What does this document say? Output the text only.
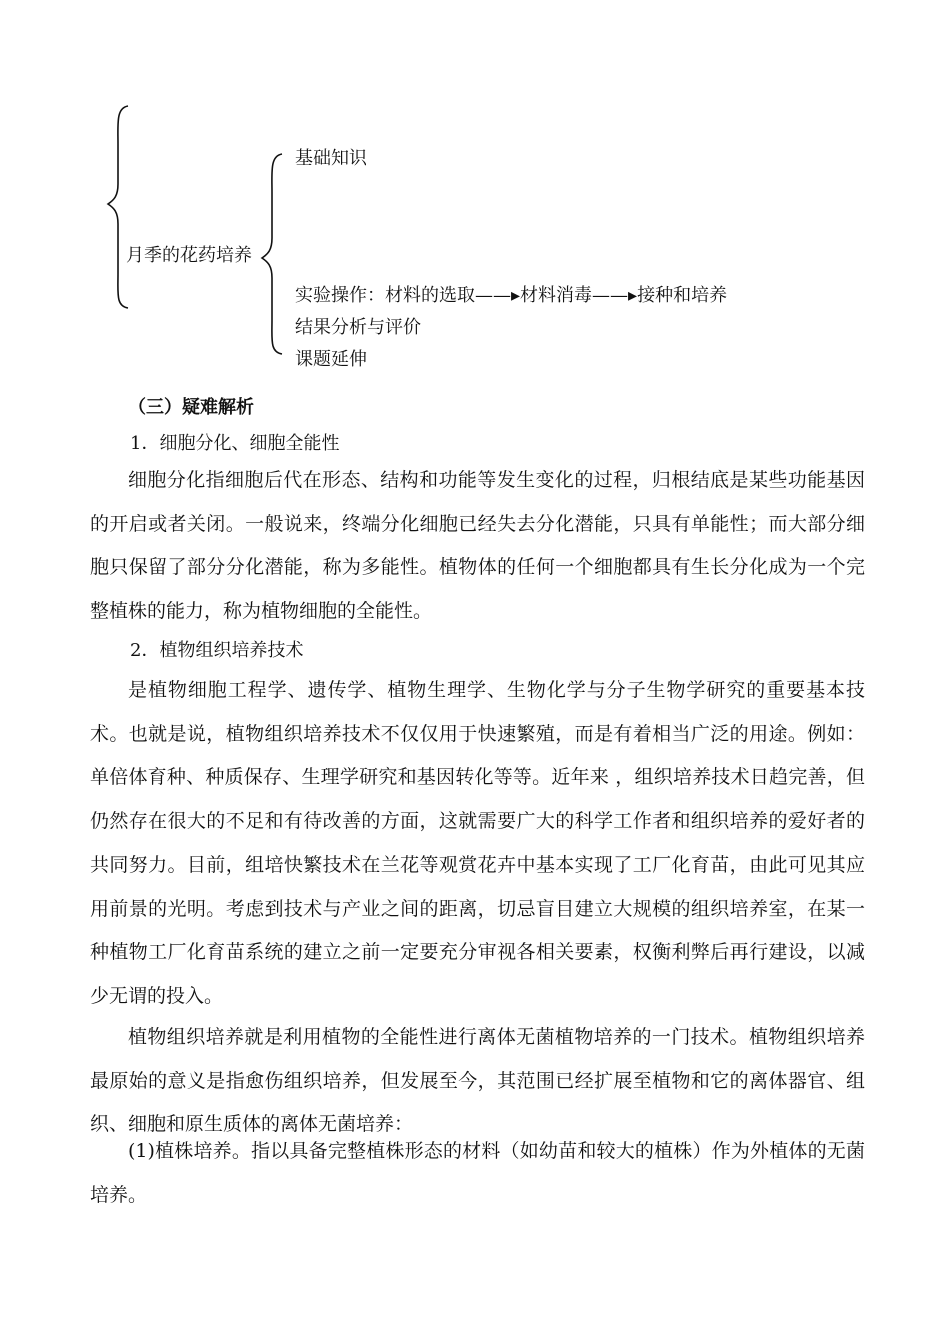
月季的花药培养
基础知识
实验操作：材料的选取——▸材料消毒——▸接种和培养
结果分析与评价
课题延伸
（三）疑难解析
1．细胞分化、细胞全能性

细胞分化指细胞后代在形态、结构和功能等发生变化的过程，归根结底是某些功能基因的开启或者关闭。一般说来，终端分化细胞已经失去分化潜能，只具有单能性；而大部分细胞只保留了部分分化潜能，称为多能性。植物体的任何一个细胞都具有生长分化成为一个完整植株的能力，称为植物细胞的全能性。

2．植物组织培养技术

是植物细胞工程学、遗传学、植物生理学、生物化学与分子生物学研究的重要基本技术。也就是说，植物组织培养技术不仅仅用于快速繁殖，而是有着相当广泛的用途。例如：单倍体育种、种质保存、生理学研究和基因转化等等。近年来 ，组织培养技术日趋完善，但仍然存在很大的不足和有待改善的方面，这就需要广大的科学工作者和组织培养的爱好者的共同努力。目前，组培快繁技术在兰花等观赏花卉中基本实现了工厂化育苗，由此可见其应用前景的光明。考虑到技术与产业之间的距离，切忌盲目建立大规模的组织培养室，在某一种植物工厂化育苗系统的建立之前一定要充分审视各相关要素，权衡利弊后再行建设，以减少无谓的投入。

植物组织培养就是利用植物的全能性进行离体无菌植物培养的一门技术。植物组织培养最原始的意义是指愈伤组织培养，但发展至今，其范围已经扩展至植物和它的离体器官、组织、细胞和原生质体的离体无菌培养：

(1)植株培养。指以具备完整植株形态的材料（如幼苗和较大的植株）作为外植体的无菌培养。
